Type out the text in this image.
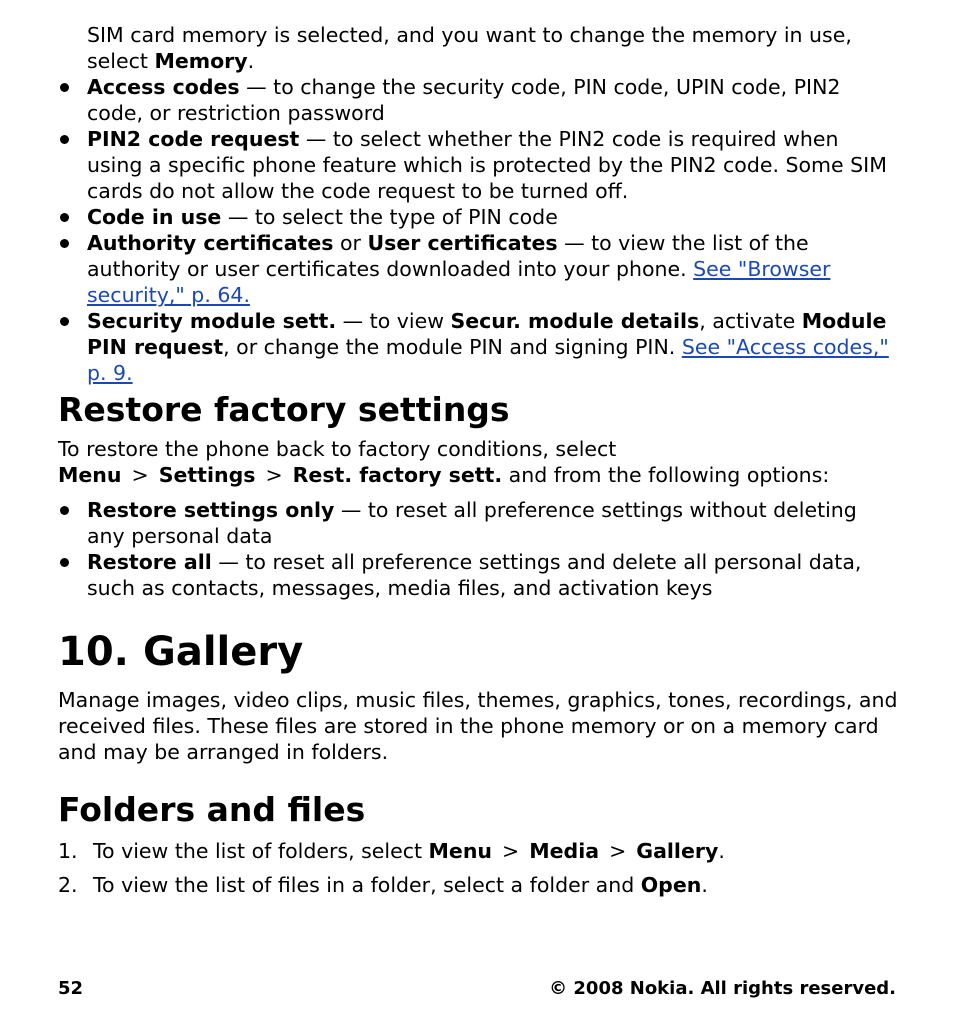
SIM card memory is selected, and you want to change the memory in use, select Memory.

Access codes — to change the security code, PIN code, UPIN code, PIN2 code, or restriction password
PIN2 code request — to select whether the PIN2 code is required when using a specific phone feature which is protected by the PIN2 code. Some SIM cards do not allow the code request to be turned off.
Code in use — to select the type of PIN code
Authority certificates or User certificates — to view the list of the authority or user certificates downloaded into your phone. See "Browser security," p. 64.
Security module sett. — to view Secur. module details, activate Module PIN request, or change the module PIN and signing PIN. See "Access codes," p. 9.
Restore factory settings

To restore the phone back to factory conditions, select Menu > Settings > Rest. factory sett. and from the following options:

Restore settings only — to reset all preference settings without deleting any personal data
Restore all — to reset all preference settings and delete all personal data, such as contacts, messages, media files, and activation keys
10. Gallery

Manage images, video clips, music files, themes, graphics, tones, recordings, and received files. These files are stored in the phone memory or on a memory card and may be arranged in folders.

Folders and files
1. To view the list of folders, select Menu > Media > Gallery.
2. To view the list of files in a folder, select a folder and Open.
52	© 2008 Nokia. All rights reserved.
